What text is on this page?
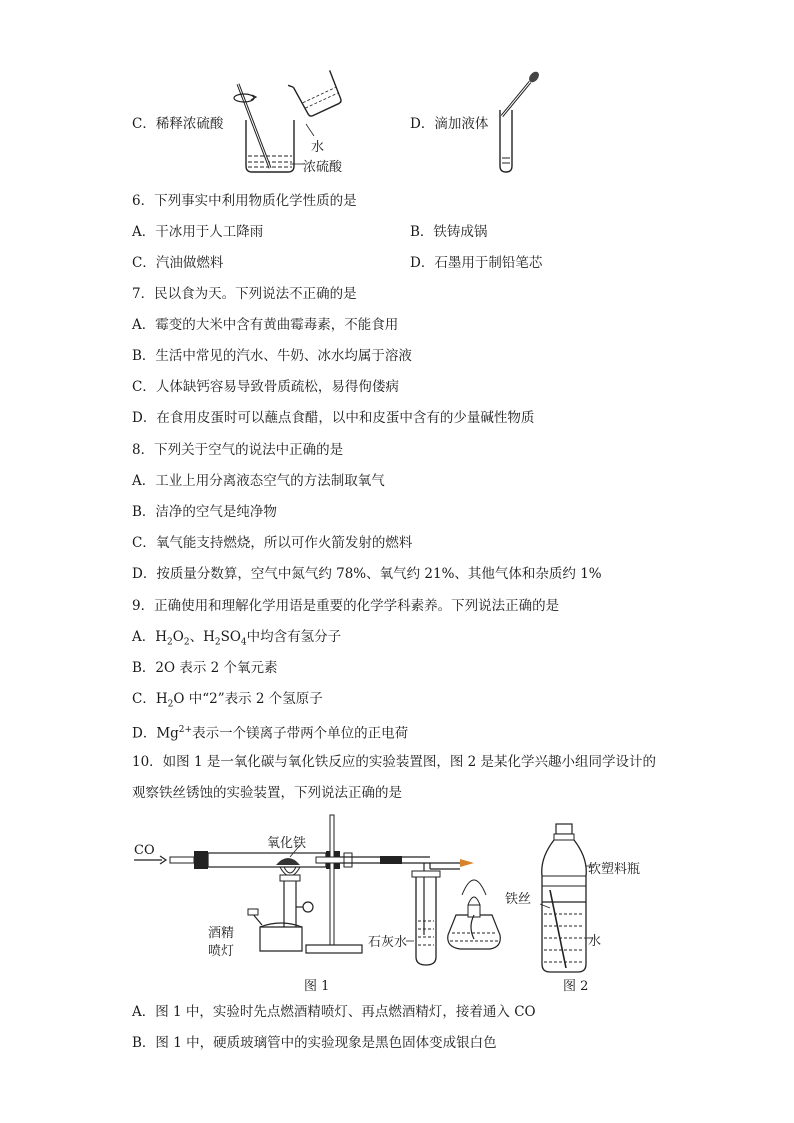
C．稀释浓硫酸
水
浓硫酸
D．滴加液体
6．下列事实中利用物质化学性质的是
A．干冰用于人工降雨	B．铁铸成锅
C．汽油做燃料	D．石墨用于制铅笔芯
7．民以食为天。下列说法不正确的是
A．霉变的大米中含有黄曲霉毒素，不能食用
B．生活中常见的汽水、牛奶、冰水均属于溶液
C．人体缺钙容易导致骨质疏松，易得佝偻病
D．在食用皮蛋时可以蘸点食醋，以中和皮蛋中含有的少量碱性物质
8．下列关于空气的说法中正确的是
A．工业上用分离液态空气的方法制取氧气
B．洁净的空气是纯净物
C．氧气能支持燃烧，所以可作火箭发射的燃料
D．按质量分数算，空气中氮气约 78%、氧气约 21%、其他气体和杂质约 1%
9．正确使用和理解化学用语是重要的化学学科素养。下列说法正确的是
A．$H_2O_2$、$H_2SO_4$中均含有氢分子
B．2O 表示 2 个氧元素
C．$H_2O$ 中“2”表示 2 个氢原子
D．$Mg^{2+}$表示一个镁离子带两个单位的正电荷
10．如图 1 是一氧化碳与氧化铁反应的实验装置图，图 2 是某化学兴趣小组同学设计的
观察铁丝锈蚀的实验装置，下列说法正确的是
CO	氧化铁
酒精
喷灯
石灰水
图 1
软塑料瓶
铁丝
水
图 2
A．图 1 中，实验时先点燃酒精喷灯、再点燃酒精灯，接着通入 CO
B．图 1 中，硬质玻璃管中的实验现象是黑色固体变成银白色
